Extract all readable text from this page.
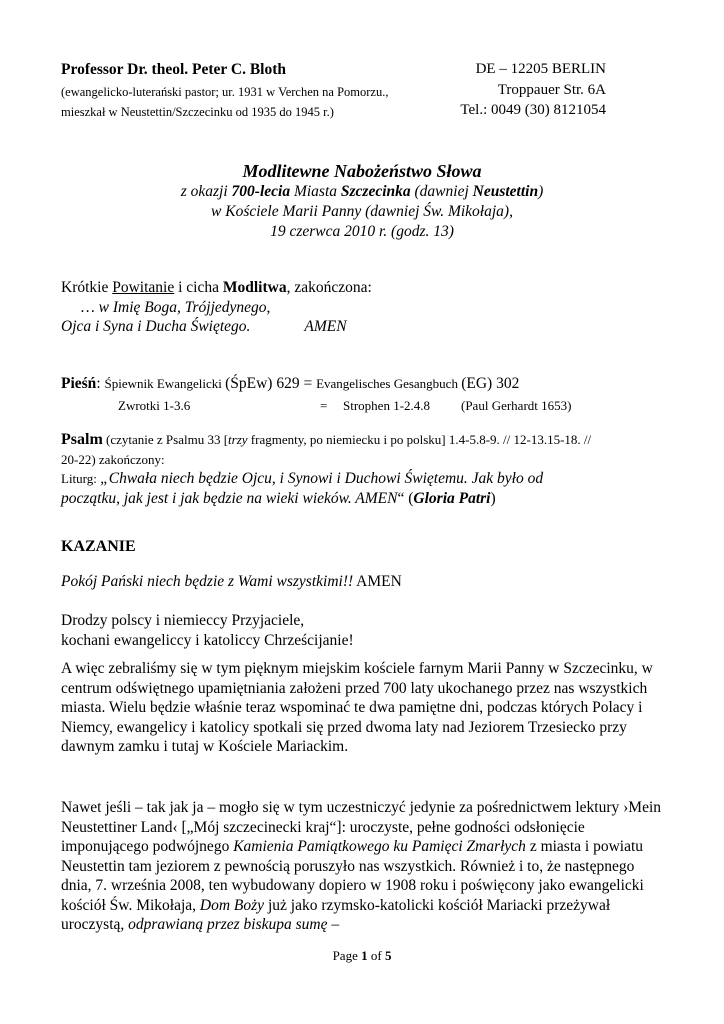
Professor Dr. theol. Peter C. Bloth
(ewangelicko-luterański pastor; ur. 1931 w Verchen na Pomorzu.,
mieszkał w Neustettin/Szczecinku od 1935 do 1945 r.)
DE – 12205 BERLIN
Troppauer Str. 6A
Tel.: 0049 (30) 8121054
Modlitewne Nabożeństwo Słowa
z okazji 700-lecia Miasta Szczecinka (dawniej Neustettin)
w Kościele Marii Panny (dawniej Św. Mikołaja),
19 czerwca 2010 r. (godz. 13)
Krótkie Powitanie i cicha Modlitwa, zakończona:
… w Imię Boga, Trójjedynego,
Ojca i Syna i Ducha Świętego.	AMEN
Pieśń: Śpiewnik Ewangelicki (ŚpEw) 629 = Evangelisches Gesangbuch (EG) 302
Zwrotki 1-3.6	= Strophen 1-2.4.8 (Paul Gerhardt 1653)
Psalm (czytanie z Psalmu 33 [trzy fragmenty, po niemiecku i po polsku] 1.4-5.8-9. // 12-13.15-18. //
20-22) zakończony:
Liturg: „Chwała niech będzie Ojcu, i Synowi i Duchowi Świętemu. Jak było od
początku, jak jest i jak będzie na wieki wieków. AMEN“ (Gloria Patri)
KAZANIE
Pokój Pański niech będzie z Wami wszystkimi!! AMEN
Drodzy polscy i niemieccy Przyjaciele,
kochani ewangeliccy i katoliccy Chrześcijanie!
A więc zebraliśmy się w tym pięknym miejskim kościele farnym Marii Panny w Szczecinku, w centrum odświętnego upamiętniania założeni przed 700 laty ukochanego przez nas wszystkich miasta. Wielu będzie właśnie teraz wspominać te dwa pamiętne dni, podczas których Polacy i Niemcy, ewangelicy i katolicy spotkali się przed dwoma laty nad Jeziorem Trzesiecko przy dawnym zamku i tutaj w Kościele Mariackim.
Nawet jeśli – tak jak ja – mogło się w tym uczestniczyć jedynie za pośrednictwem lektury ›Mein Neustettiner Land‹ [„Mój szczecinecki kraj“]: uroczyste, pełne godności odsłonięcie imponującego podwójnego Kamienia Pamiątkowego ku Pamięci Zmarłych z miasta i powiatu Neustettin tam jeziorem z pewnością poruszyło nas wszystkich. Również i to, że następnego dnia, 7. września 2008, ten wybudowany dopiero w 1908 roku i poświęcony jako ewangelicki kościół Św. Mikołaja, Dom Boży już jako rzymsko-katolicki kościół Mariacki przeżywał uroczystą, odprawianą przez biskupa sumę –
Page 1 of 5
